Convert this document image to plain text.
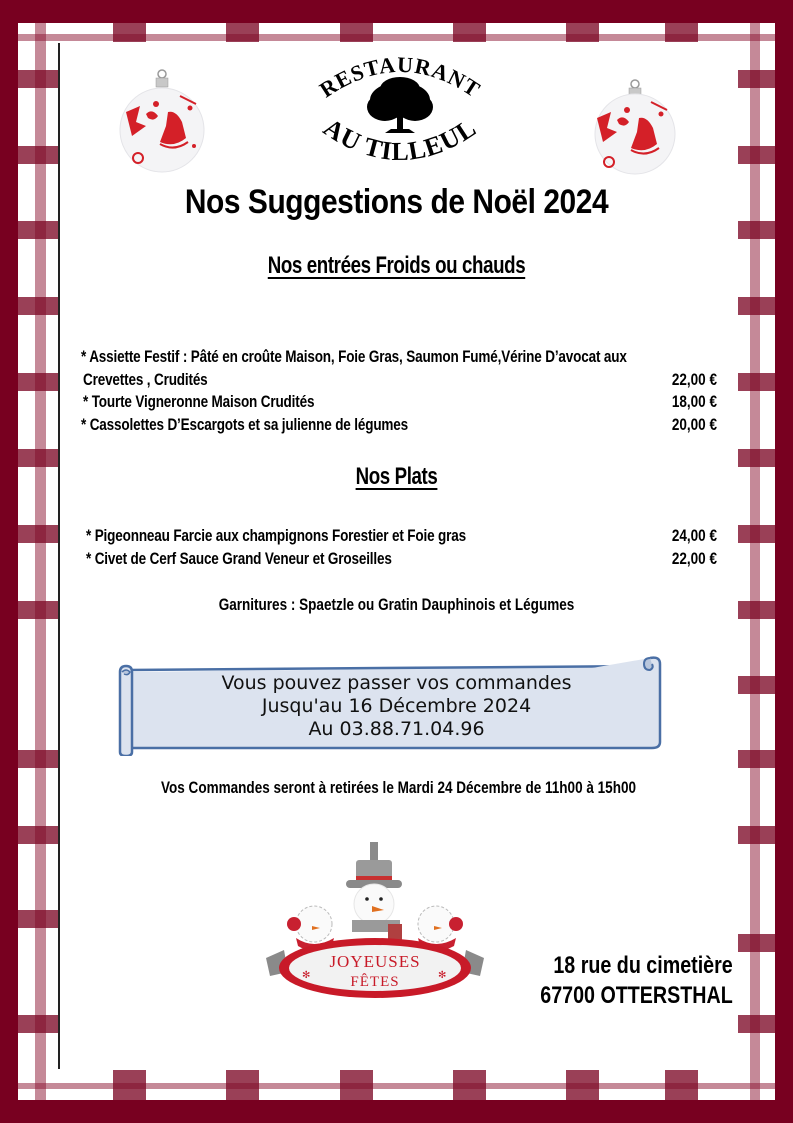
RESTAURANT
AU TILLEUL
Nos Suggestions de Noël 2024
Nos entrées Froids ou chauds
* Assiette Festif : Pâté en croûte Maison, Foie Gras, Saumon Fumé,Vérine D’avocat aux
Crevettes , Crudités	22,00 €
* Tourte Vigneronne Maison Crudités	18,00 €
* Cassolettes D’Escargots et sa julienne de légumes	20,00 €
Nos Plats
* Pigeonneau Farcie aux champignons Forestier et Foie gras	24,00 €
* Civet de Cerf Sauce Grand Veneur et Groseilles	22,00 €
Garnitures : Spaetzle ou Gratin Dauphinois et Légumes
Vous pouvez passer vos commandes
Jusqu'au 16 Décembre 2024
Au 03.88.71.04.96
Vos Commandes seront à retirées le Mardi 24 Décembre de 11h00 à 15h00
JOYEUSES
FÊTES
✻	✻	18 rue du cimetière
67700 OTTERSTHAL
